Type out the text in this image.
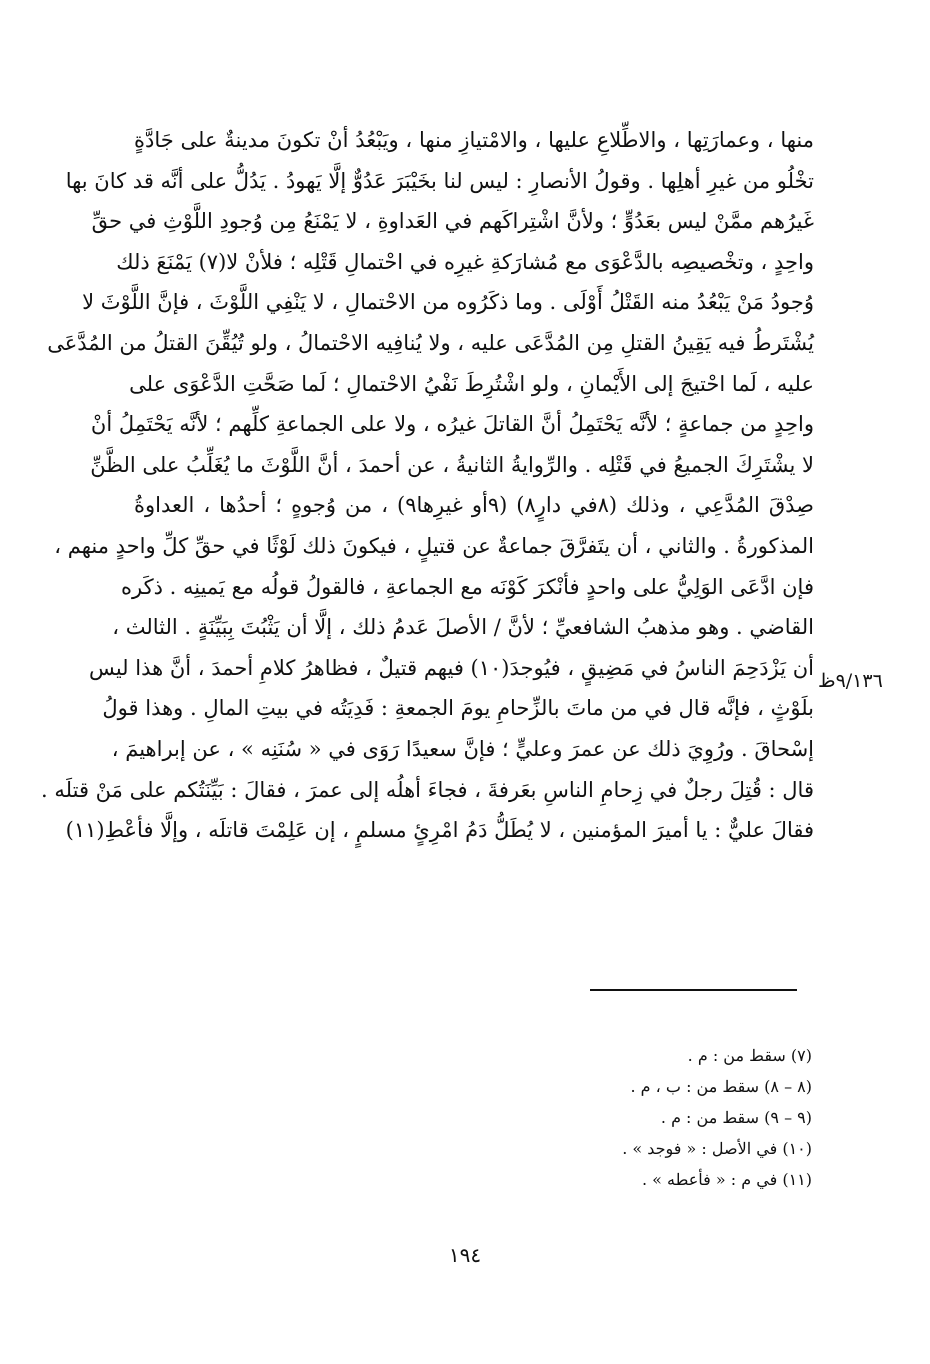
منها ، وعمارَتِها ، والاطِّلاعِ عليها ، والامْتيازِ منها ، ويَبْعُدُ أنْ تكونَ مدينةٌ على جَادَّةٍ
تخْلُو من غيرِ أهلِها . وقولُ الأنصارِ : ليس لنا بخَيْبَرَ عَدُوٌّ إلَّا يَهودُ . يَدُلُّ على أنَّه قد كانَ بها
غَيرُهم ممَّنْ ليس بعَدُوٍّ ؛ ولأنَّ اشْتِراكَهم في العَداوةِ ، لا يَمْنَعُ مِن وُجودِ اللَّوْثِ في حقِّ
واحِدٍ ، وتخْصيصِه بالدَّعْوَى مع مُشارَكةِ غيرِه في احْتمالِ قَتْلِه ؛ فلأنْ لا(٧) يَمْنَعَ ذلك
وُجودُ مَنْ يَبْعُدُ منه القَتْلُ أَوْلَى . وما ذكَرُوه من الاحْتمالِ ، لا يَنْفِي اللَّوْثَ ، فإنَّ اللَّوْثَ لا
يُشْتَرطُ فيه يَقِينُ القتلِ مِن المُدَّعَى عليه ، ولا يُنافِيه الاحْتمالُ ، ولو تُيُقِّنَ القتلُ من المُدَّعَى
عليه ، لَما احْتيجَ إلى الأَيْمانِ ، ولو اشْتُرِطَ نَفْيُ الاحْتمالِ ؛ لَما صَحَّتِ الدَّعْوَى على
واحِدٍ من جماعةٍ ؛ لأنَّه يَحْتَمِلُ أنَّ القاتلَ غيرُه ، ولا على الجماعةِ كلِّهم ؛ لأنَّه يَحْتَمِلُ أنْ
لا يشْتَرِكَ الجميعُ في قَتْلِه . والرِّوايةُ الثانيةُ ، عن أحمدَ ، أنَّ اللَّوْثَ ما يُغَلِّبُ على الظَّنِّ
صِدْقَ المُدَّعِي ، وذلك (٨في دارٍ٨) (٩أو غيرِها٩) ، من وُجوهٍ ؛ أحدُها ، العداوةُ
المذكورةُ . والثاني ، أن يتَفرَّقَ جماعةٌ عن قتيلٍ ، فيكونَ ذلك لَوْثًا في حقِّ كلِّ واحدٍ منهم ،
فإن ادَّعَى الوَلِيُّ على واحدٍ فأنْكرَ كَوْنَه مع الجماعةِ ، فالقولُ قولُه مع يَمينِه . ذكَره
القاضي . وهو مذهبُ الشافعيِّ ؛ لأنَّ / الأصلَ عَدمُ ذلك ، إلَّا أن يَثْبُتَ بِبَيِّنَةٍ . الثالث ،
أن يَزْدَحِمَ الناسُ في مَضِيقٍ ، فيُوجدَ(١٠) فيهم قتيلٌ ، فظاهرُ كلامِ أحمدَ ، أنَّ هذا ليس
بلَوْثٍ ، فإنَّه قال في من ماتَ بالزِّحامِ يومَ الجمعةِ : فَدِيَتُه في بيتِ المالِ . وهذا قولُ
إسْحاقَ . ورُوِيَ ذلك عن عمرَ وعليٍّ ؛ فإنَّ سعيدًا رَوَى في « سُنَنِه » ، عن إبراهيمَ ،
قال : قُتِلَ رجلٌ في زِحامِ الناسِ بعَرفةَ ، فجاءَ أهلُه إلى عمرَ ، فقالَ : بَيِّنَتُكم على مَنْ قتلَه .
فقالَ عليٌّ : يا أميرَ المؤمنين ، لا يُطَلُّ دَمُ امْرِئٍ مسلمٍ ، إن عَلِمْتَ قاتلَه ، وإلَّا فأعْطِ(١١)
٩/١٣٦ظ
(٧) سقط من : م .
(٨ – ٨) سقط من : ب ، م .
(٩ – ٩) سقط من : م .
(١٠) في الأصل : « فوجد » .
(١١) في م : « فأعطه » .
١٩٤
